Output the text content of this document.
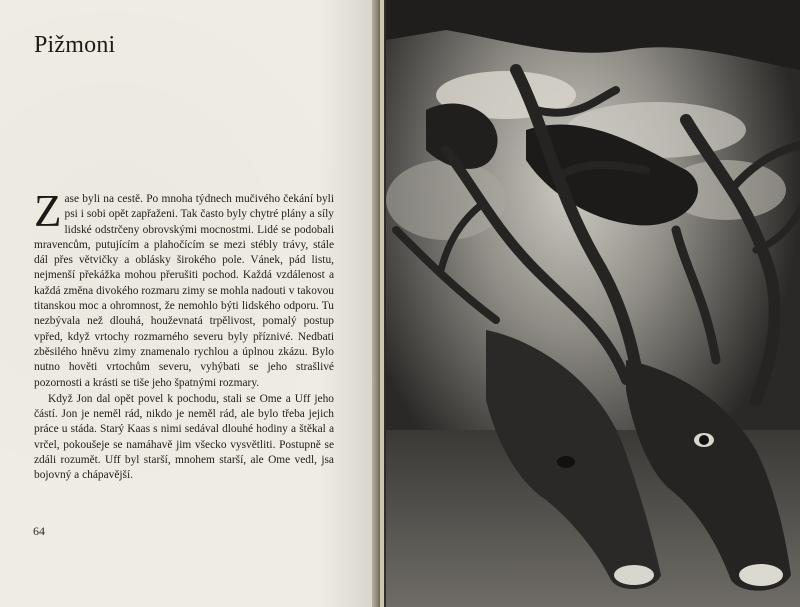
Pižmoni

Zase byli na cestě. Po mnoha týdnech mučivého čekání byli psi i sobi opět zapřaženi. Tak často byly chytré plány a síly lidské odstrčeny obrovskými mocnostmi. Lidé se podobali mravencům, putujícím a plahočícím se mezi stébly trávy, stále dál přes větvičky a oblásky širokého pole. Vánek, pád listu, nejmenší překážka mohou přerušiti pochod. Každá vzdálenost a každá změna divokého rozmaru zimy se mohla nadouti v takovou titanskou moc a ohromnost, že nemohlo býti lidského odporu. Tu nezbývala než dlouhá, houževnatá trpělivost, pomalý postup vpřed, když vrtochy rozmarného severu byly příznivé. Nedbati zběsilého hněvu zimy znamenalo rychlou a úplnou zkázu. Bylo nutno hověti vrtochům severu, vyhýbati se jeho strašlivé pozornosti a krásti se tiše jeho špatnými rozmary.

Když Jon dal opět povel k pochodu, stali se Ome a Uff jeho částí. Jon je neměl rád, nikdo je neměl rád, ale bylo třeba jejich práce u stáda. Starý Kaas s nimi sedával dlouhé hodiny a štěkal a vrčel, pokoušeje se namáhavě jim všecko vysvětliti. Postupně se zdáli rozumět. Uff byl starší, mnohem starší, ale Ome vedl, jsa bojovný a chápavější.

64
